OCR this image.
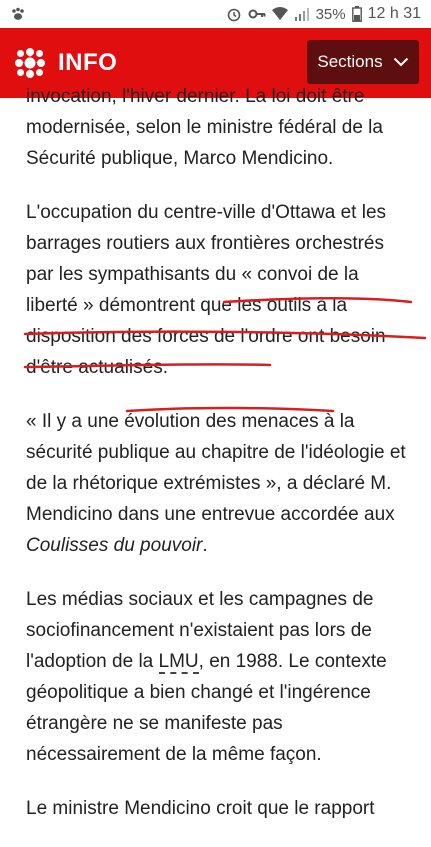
35% 12 h 31
INFO	Sections

invocation, l'hiver dernier. La loi doit être modernisée, selon le ministre fédéral de la Sécurité publique, Marco Mendicino.

L'occupation du centre-ville d'Ottawa et les barrages routiers aux frontières orchestrés par les sympathisants du « convoi de la liberté » démontrent que les outils à la disposition des forces de l'ordre ont besoin d'être actualisés.

« Il y a une évolution des menaces à la sécurité publique au chapitre de l'idéologie et de la rhétorique extrémistes », a déclaré M. Mendicino dans une entrevue accordée aux Coulisses du pouvoir.

Les médias sociaux et les campagnes de sociofinancement n'existaient pas lors de l'adoption de la LMU, en 1988. Le contexte géopolitique a bien changé et l'ingérence étrangère ne se manifeste pas nécessairement de la même façon.

Le ministre Mendicino croit que le rapport
